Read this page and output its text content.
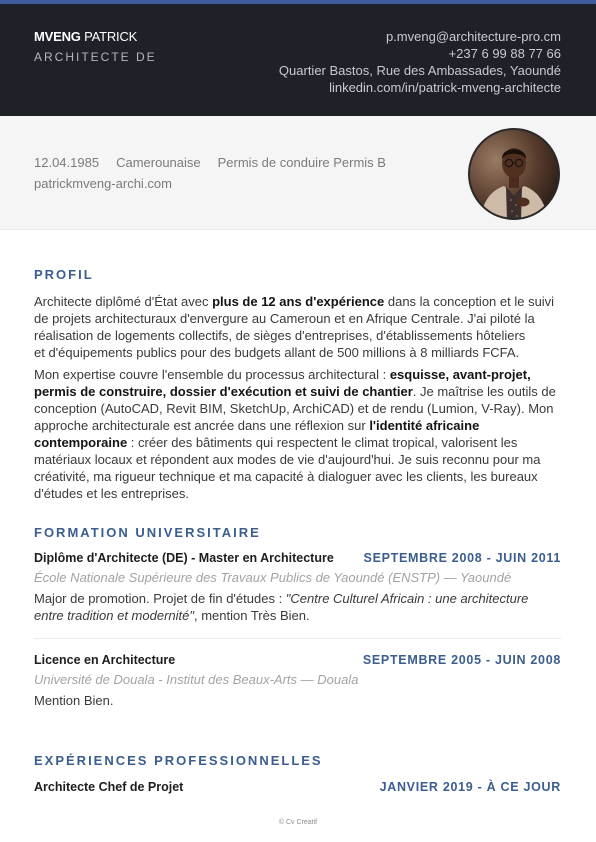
MVENG PATRICK
ARCHITECTE DE
p.mveng@architecture-pro.cm
+237 6 99 88 77 66
Quartier Bastos, Rue des Ambassades, Yaoundé
linkedin.com/in/patrick-mveng-architecte
12.04.1985 Camerounaise Permis de conduire Permis B
patrickmveng-archi.com
PROFIL
Architecte diplômé d'État avec plus de 12 ans d'expérience dans la conception et le suivi
de projets architecturaux d'envergure au Cameroun et en Afrique Centrale. J'ai piloté la
réalisation de logements collectifs, de sièges d'entreprises, d'établissements hôteliers
et d'équipements publics pour des budgets allant de 500 millions à 8 milliards FCFA.
Mon expertise couvre l'ensemble du processus architectural : esquisse, avant-projet,
permis de construire, dossier d'exécution et suivi de chantier. Je maîtrise les outils de
conception (AutoCAD, Revit BIM, SketchUp, ArchiCAD) et de rendu (Lumion, V-Ray). Mon
approche architecturale est ancrée dans une réflexion sur l'identité africaine
contemporaine : créer des bâtiments qui respectent le climat tropical, valorisent les
matériaux locaux et répondent aux modes de vie d'aujourd'hui. Je suis reconnu pour ma
créativité, ma rigueur technique et ma capacité à dialoguer avec les clients, les bureaux
d'études et les entreprises.
FORMATION UNIVERSITAIRE
Diplôme d'Architecte (DE) - Master en Architecture SEPTEMBRE 2008 - JUIN 2011
École Nationale Supérieure des Travaux Publics de Yaoundé (ENSTP) — Yaoundé
Major de promotion. Projet de fin d'études : "Centre Culturel Africain : une architecture
entre tradition et modernité", mention Très Bien.
Licence en Architecture	SEPTEMBRE 2005 - JUIN 2008
Université de Douala - Institut des Beaux-Arts — Douala
Mention Bien.
EXPÉRIENCES PROFESSIONNELLES
Architecte Chef de Projet	JANVIER 2019 - À CE JOUR
© Cv Creatif
